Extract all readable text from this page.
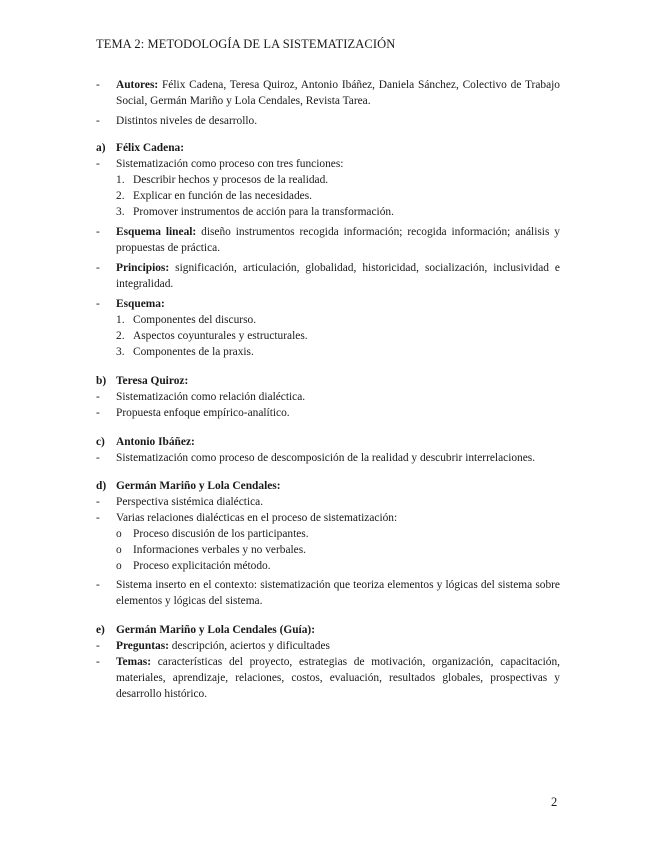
TEMA 2: METODOLOGÍA DE LA SISTEMATIZACIÓN
- Autores: Félix Cadena, Teresa Quiroz, Antonio Ibáñez, Daniela Sánchez, Colectivo de Trabajo Social, Germán Mariño y Lola Cendales, Revista Tarea.
- Distintos niveles de desarrollo.
a) Félix Cadena:
- Sistematización como proceso con tres funciones:
1. Describir hechos y procesos de la realidad.
2. Explicar en función de las necesidades.
3. Promover instrumentos de acción para la transformación.
- Esquema lineal: diseño instrumentos recogida información; recogida información; análisis y propuestas de práctica.
- Principios: significación, articulación, globalidad, historicidad, socialización, inclusividad e integralidad.
- Esquema:
1. Componentes del discurso.
2. Aspectos coyunturales y estructurales.
3. Componentes de la praxis.
b) Teresa Quiroz:
- Sistematización como relación dialéctica.
- Propuesta enfoque empírico-analítico.
c) Antonio Ibáñez:
- Sistematización como proceso de descomposición de la realidad y descubrir interrelaciones.
d) Germán Mariño y Lola Cendales:
- Perspectiva sistémica dialéctica.
- Varias relaciones dialécticas en el proceso de sistematización:
o Proceso discusión de los participantes.
o Informaciones verbales y no verbales.
o Proceso explicitación método.
- Sistema inserto en el contexto: sistematización que teoriza elementos y lógicas del sistema sobre elementos y lógicas del sistema.
e) Germán Mariño y Lola Cendales (Guía):
- Preguntas: descripción, aciertos y dificultades
- Temas: características del proyecto, estrategias de motivación, organización, capacitación, materiales, aprendizaje, relaciones, costos, evaluación, resultados globales, prospectivas y desarrollo histórico.
2
